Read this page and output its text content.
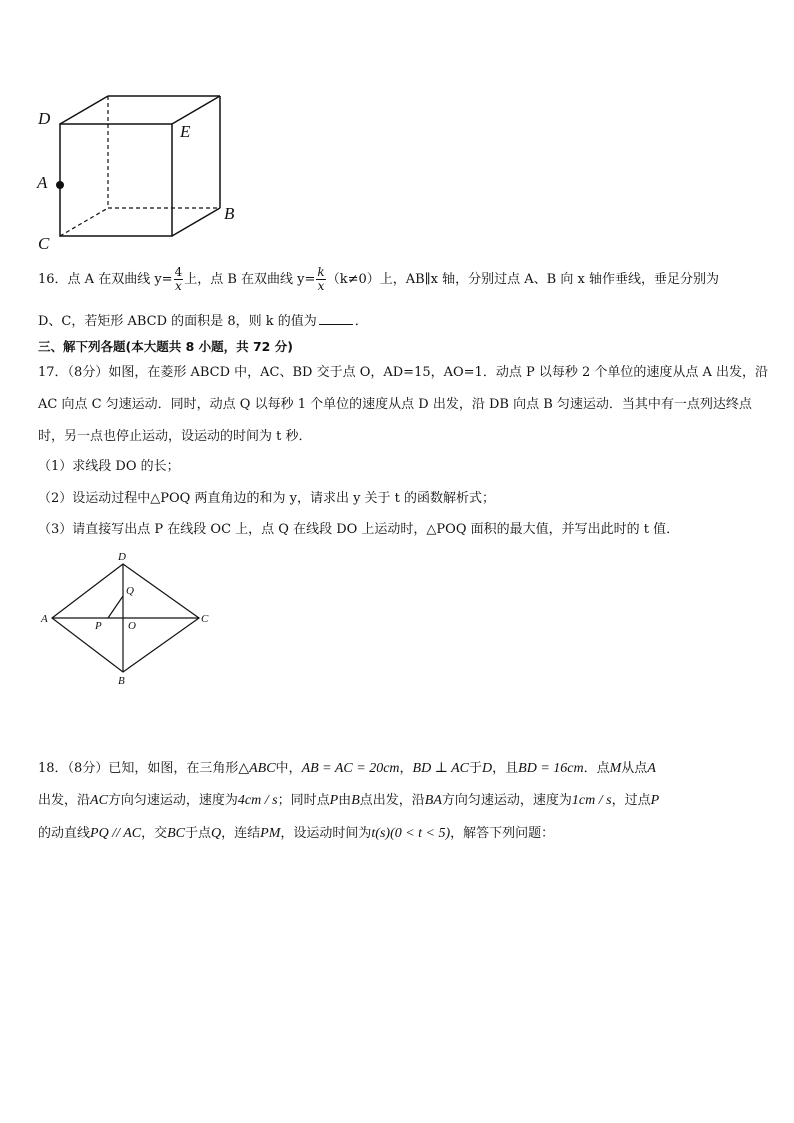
D
E
A
B
C
16．点 A 在双曲线 $y= \frac{4}{x}$ 上，点 B 在双曲线 $y= \frac{k}{x} (k\ne 0)$上，AB∥x 轴，分别过点 A、B 向 x 轴作垂线，垂足分别为
D、C，若矩形 ABCD 的面积是 8，则 k 的值为	．
三、解下列各题(本大题共 8 小题，共 72 分)
17．（8分）如图，在菱形 ABCD 中，AC、BD 交于点 O，AD=15，AO=1．动点 P 以每秒 2 个单位的速度从点 A 出发，沿
AC 向点 C 匀速运动．同时，动点 Q 以每秒 1 个单位的速度从点 D 出发，沿 DB 向点 B 匀速运动．当其中有一点列达终点
时，另一点也停止运动，设运动的时间为 t 秒．
（1）求线段 DO 的长；
（2）设运动过程中△POQ 两直角边的和为 y，请求出 y 关于 t 的函数解析式；
（3）请直接写出点 P 在线段 OC 上，点 Q 在线段 DO 上运动时，△POQ 面积的最大值，并写出此时的 t 值．
D
Q
A
P O
C
B
18．（8分）已知，如图，在三角形△ABC中，AB = AC = 20cm，BD ⊥ AC于D，且BD = 16cm．点M从点A
出发，沿AC方向匀速运动，速度为4cm / s；同时点P由B点出发，沿BA方向匀速运动，速度为1cm / s，过点P
的动直线PQ // AC，交BC于点Q，连结PM，设运动时间为t(s)(0 < t < 5)，解答下列问题：
